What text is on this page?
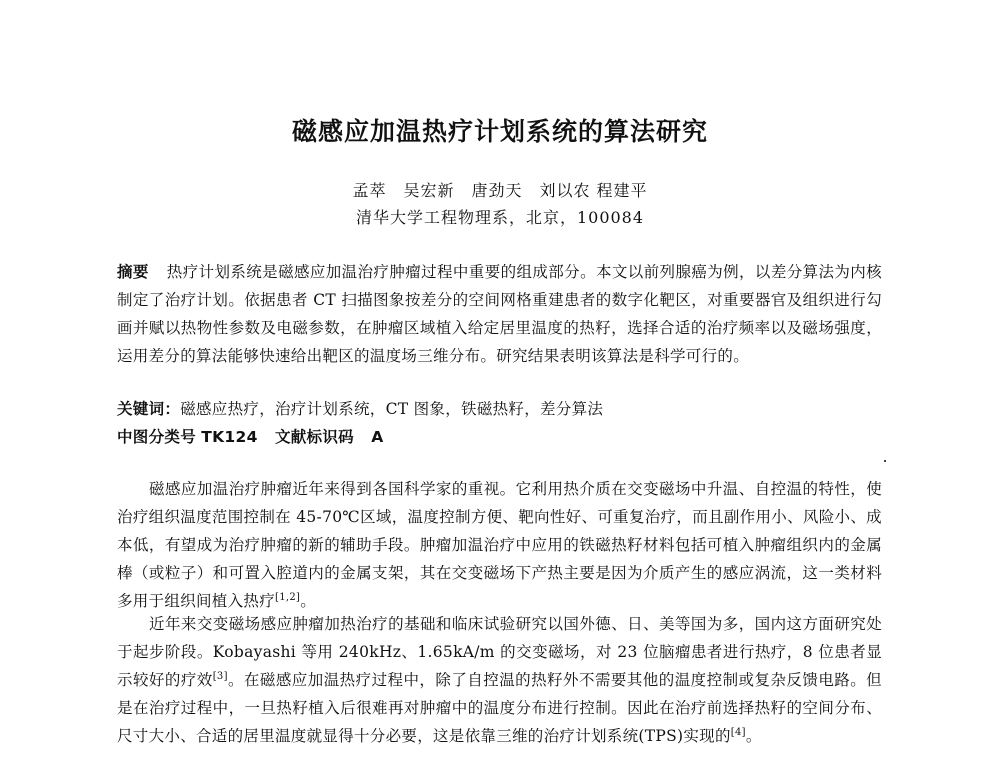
磁感应加温热疗计划系统的算法研究
孟萃　吴宏新　唐劲天　刘以农 程建平
清华大学工程物理系，北京，100084
摘要 热疗计划系统是磁感应加温治疗肿瘤过程中重要的组成部分。本文以前列腺癌为例，以差分算法为内核制定了治疗计划。依据患者 CT 扫描图象按差分的空间网格重建患者的数字化靶区，对重要器官及组织进行勾画并赋以热物性参数及电磁参数，在肿瘤区域植入给定居里温度的热籽，选择合适的治疗频率以及磁场强度，运用差分的算法能够快速给出靶区的温度场三维分布。研究结果表明该算法是科学可行的。
关键词：磁感应热疗，治疗计划系统，CT 图象，铁磁热籽，差分算法
中图分类号 TK124 文献标识码 A
磁感应加温治疗肿瘤近年来得到各国科学家的重视。它利用热介质在交变磁场中升温、自控温的特性，使治疗组织温度范围控制在 45-70℃区域，温度控制方便、靶向性好、可重复治疗，而且副作用小、风险小、成本低，有望成为治疗肿瘤的新的辅助手段。肿瘤加温治疗中应用的铁磁热籽材料包括可植入肿瘤组织内的金属棒（或粒子）和可置入腔道内的金属支架，其在交变磁场下产热主要是因为介质产生的感应涡流，这一类材料多用于组织间植入热疗[1,2]。
近年来交变磁场感应肿瘤加热治疗的基础和临床试验研究以国外德、日、美等国为多，国内这方面研究处于起步阶段。Kobayashi 等用 240kHz、1.65kA/m 的交变磁场，对 23 位脑瘤患者进行热疗，8 位患者显示较好的疗效[3]。在磁感应加温热疗过程中，除了自控温的热籽外不需要其他的温度控制或复杂反馈电路。但是在治疗过程中，一旦热籽植入后很难再对肿瘤中的温度分布进行控制。因此在治疗前选择热籽的空间分布、尺寸大小、合适的居里温度就显得十分必要，这是依靠三维的治疗计划系统(TPS)实现的[4]。
